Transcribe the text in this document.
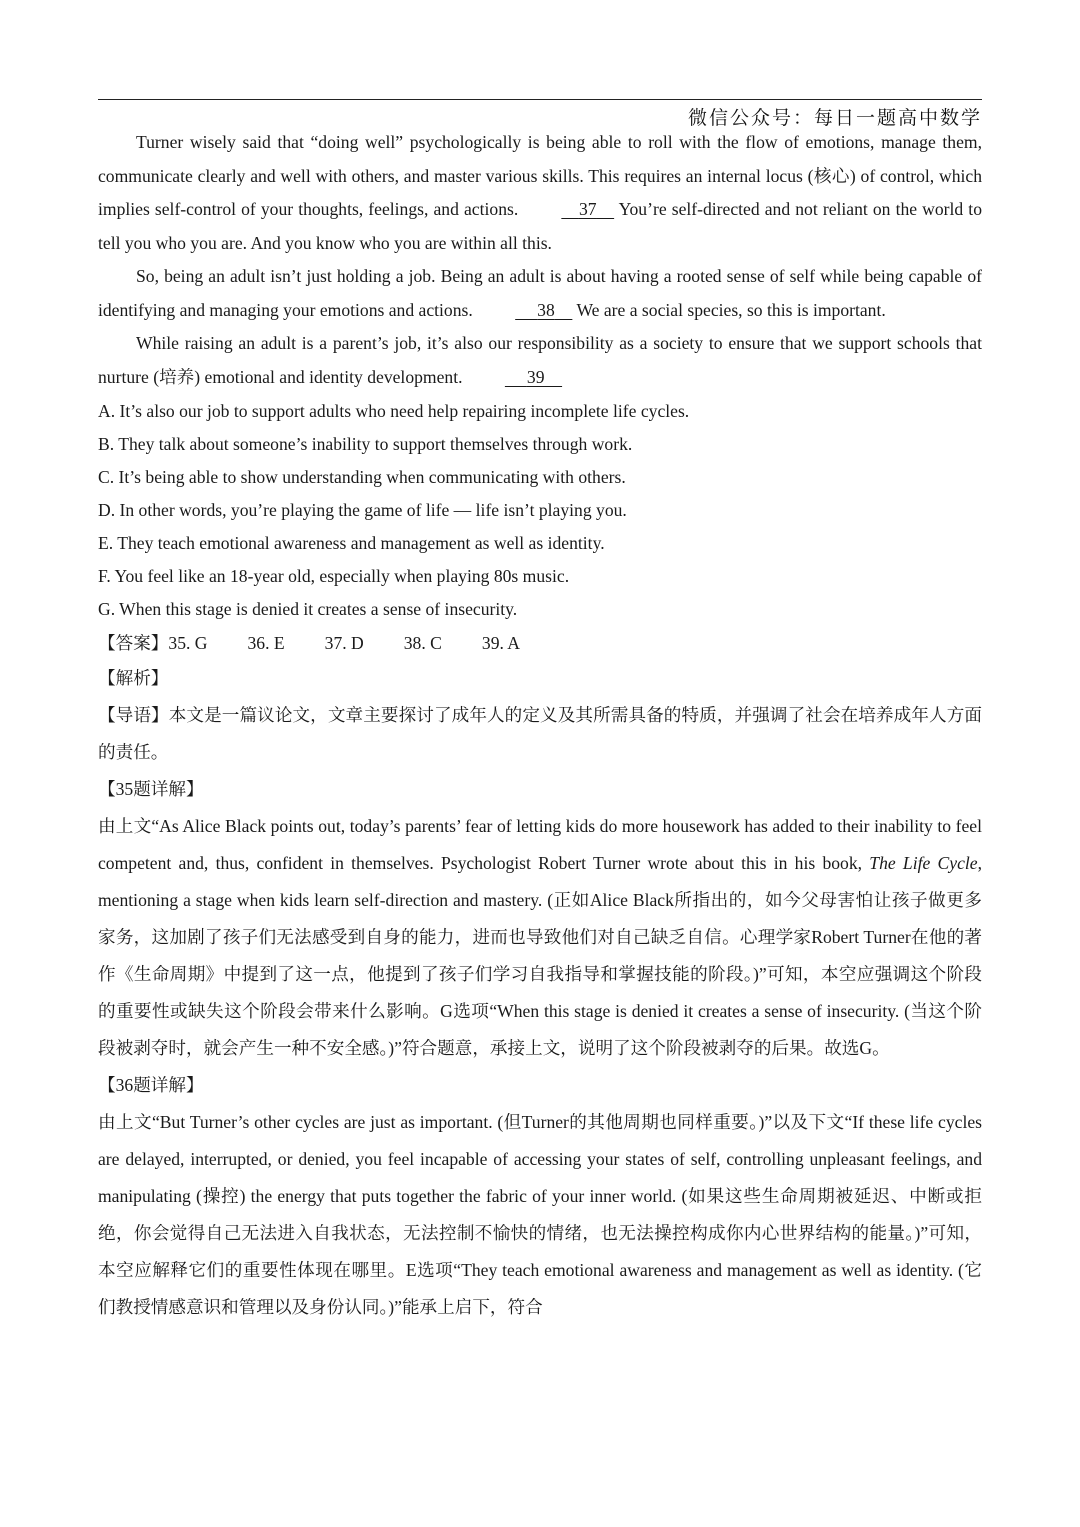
微信公众号：每日一题高中数学

Turner wisely said that “doing well” psychologically is being able to roll with the flow of emotions, manage them, communicate clearly and well with others, and master various skills. This requires an internal locus (核心) of control, which implies self-control of your thoughts, feelings, and actions.	37     You’re self-directed and not reliant on the world to tell you who you are. And you know who you are within all this.

So, being an adult isn’t just holding a job. Being an adult is about having a rooted sense of self while being capable of identifying and managing your emotions and actions.	38     We are a social species, so this is important.

While raising an adult is a parent’s job, it’s also our responsibility as a society to ensure that we support schools that nurture (培养) emotional and identity development.	39

A. It’s also our job to support adults who need help repairing incomplete life cycles.

B. They talk about someone’s inability to support themselves through work.

C. It’s being able to show understanding when communicating with others.

D. In other words, you’re playing the game of life — life isn’t playing you.

E. They teach emotional awareness and management as well as identity.

F. You feel like an 18-year old, especially when playing 80s music.

G. When this stage is denied it creates a sense of insecurity.

【答案】35. G 36. E 37. D 38. C 39. A

【解析】

【导语】本文是一篇议论文，文章主要探讨了成年人的定义及其所需具备的特质，并强调了社会在培养成年人方面的责任。

【35题详解】

由上文“As Alice Black points out, today’s parents’ fear of letting kids do more housework has added to their inability to feel competent and, thus, confident in themselves. Psychologist Robert Turner wrote about this in his book, The Life Cycle, mentioning a stage when kids learn self-direction and mastery. (正如Alice Black所指出的，如今父母害怕让孩子做更多家务，这加剧了孩子们无法感受到自身的能力，进而也导致他们对自己缺乏自信。心理学家Robert Turner在他的著作《生命周期》中提到了这一点，他提到了孩子们学习自我指导和掌握技能的阶段。)”可知，本空应强调这个阶段的重要性或缺失这个阶段会带来什么影响。G选项“When this stage is denied it creates a sense of insecurity. (当这个阶段被剥夺时，就会产生一种不安全感。)”符合题意，承接上文，说明了这个阶段被剥夺的后果。故选G。

【36题详解】

由上文“But Turner’s other cycles are just as important. (但Turner的其他周期也同样重要。)”以及下文“If these life cycles are delayed, interrupted, or denied, you feel incapable of accessing your states of self, controlling unpleasant feelings, and manipulating (操控) the energy that puts together the fabric of your inner world. (如果这些生命周期被延迟、中断或拒绝，你会觉得自己无法进入自我状态，无法控制不愉快的情绪，也无法操控构成你内心世界结构的能量。)”可知，本空应解释它们的重要性体现在哪里。E选项“They teach emotional awareness and management as well as identity. (它们教授情感意识和管理以及身份认同。)”能承上启下，符合
